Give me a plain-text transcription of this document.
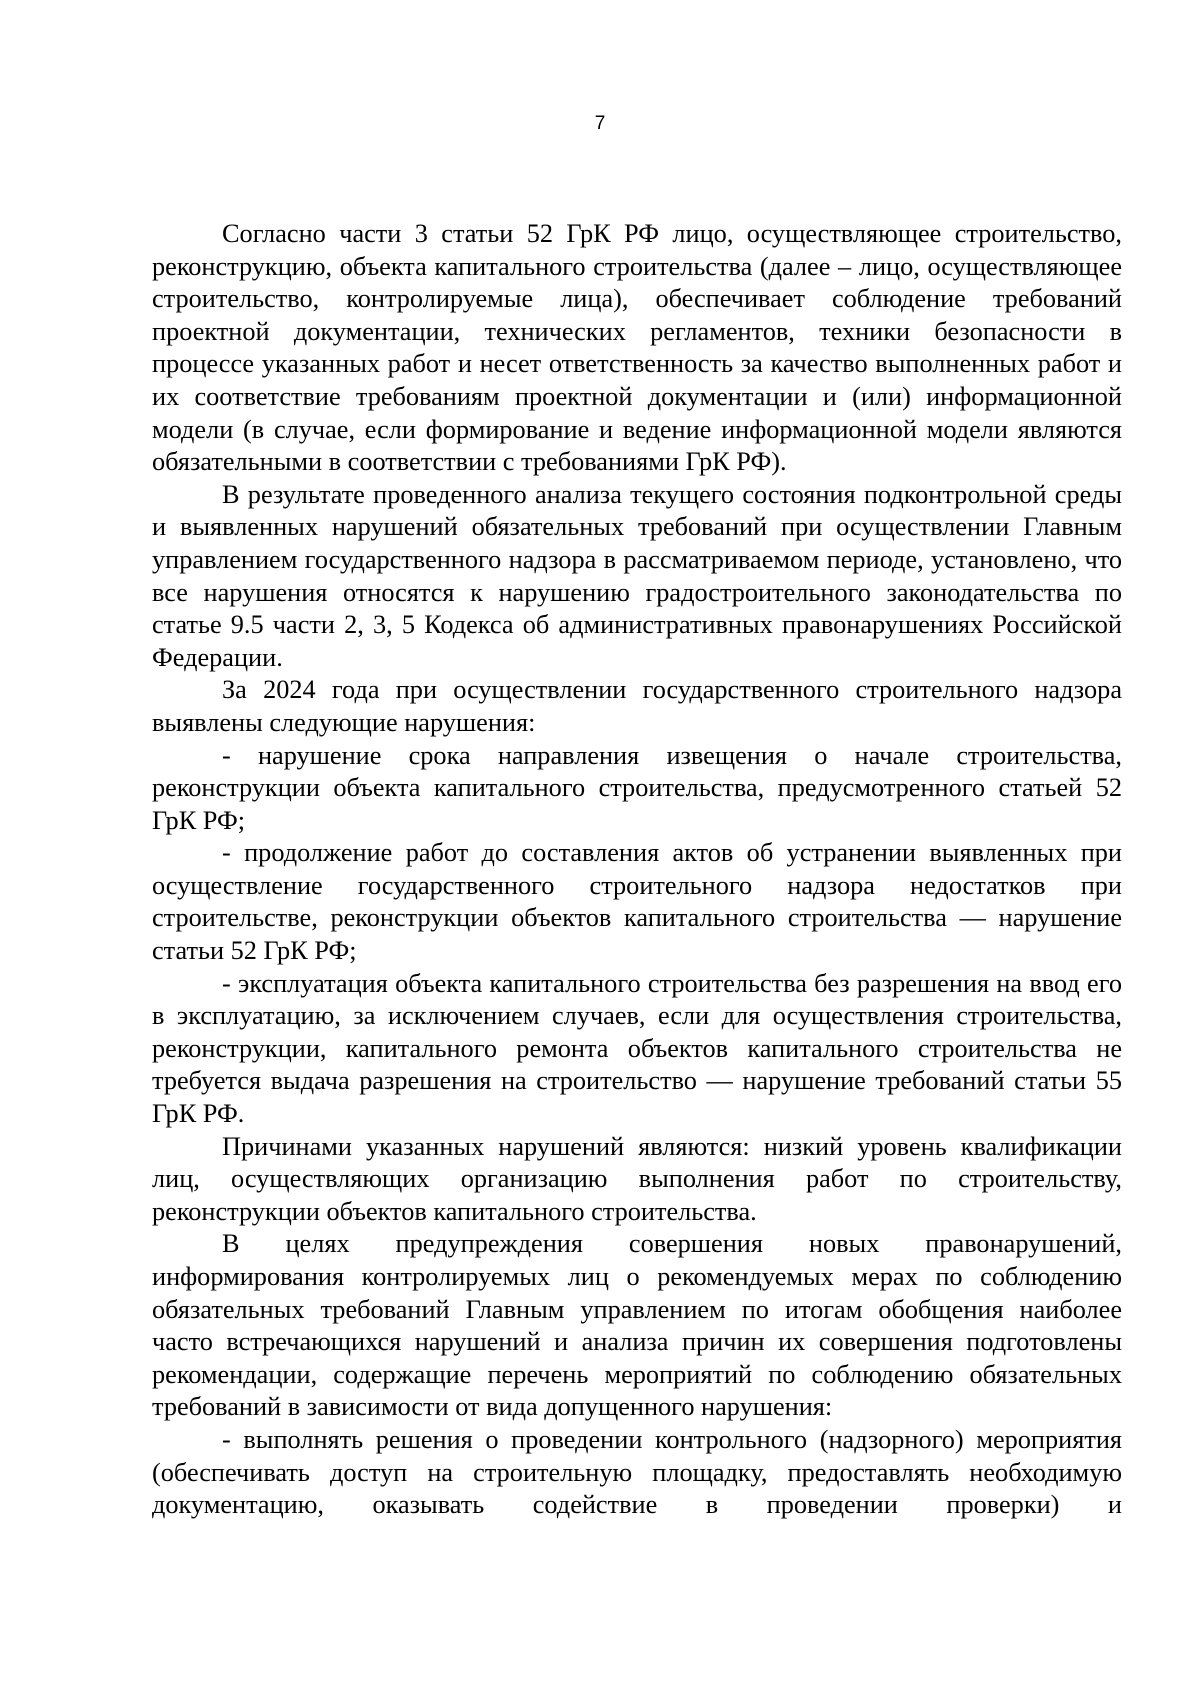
7

Согласно части 3 статьи 52 ГрК РФ лицо, осуществляющее строительство, реконструкцию, объекта капитального строительства (далее – лицо, осуществляющее строительство, контролируемые лица), обеспечивает соблюдение требований проектной документации, технических регламентов, техники безопасности в процессе указанных работ и несет ответственность за качество выполненных работ и их соответствие требованиям проектной документации и (или) информационной модели (в случае, если формирование и ведение информационной модели являются обязательными в соответствии с требованиями ГрК РФ).

В результате проведенного анализа текущего состояния подконтрольной среды и выявленных нарушений обязательных требований при осуществлении Главным управлением государственного надзора в рассматриваемом периоде, установлено, что все нарушения относятся к нарушению градостроительного законодательства по статье 9.5 части 2, 3, 5 Кодекса об административных правонарушениях Российской Федерации.

За 2024 года при осуществлении государственного строительного надзора выявлены следующие нарушения:

- нарушение срока направления извещения о начале строительства, реконструкции объекта капитального строительства, предусмотренного статьей 52 ГрК РФ;

- продолжение работ до составления актов об устранении выявленных при осуществление государственного строительного надзора недостатков при строительстве, реконструкции объектов капитального строительства — нарушение статьи 52 ГрК РФ;

- эксплуатация объекта капитального строительства без разрешения на ввод его в эксплуатацию, за исключением случаев, если для осуществления строительства, реконструкции, капитального ремонта объектов капитального строительства не требуется выдача разрешения на строительство — нарушение требований статьи 55 ГрК РФ.

Причинами указанных нарушений являются: низкий уровень квалификации лиц, осуществляющих организацию выполнения работ по строительству, реконструкции объектов капитального строительства.

В целях предупреждения совершения новых правонарушений, информирования контролируемых лиц о рекомендуемых мерах по соблюдению обязательных требований Главным управлением по итогам обобщения наиболее часто встречающихся нарушений и анализа причин их совершения подготовлены рекомендации, содержащие перечень мероприятий по соблюдению обязательных требований в зависимости от вида допущенного нарушения:

- выполнять решения о проведении контрольного (надзорного) мероприятия (обеспечивать доступ на строительную площадку, предоставлять необходимую документацию, оказывать содействие в проведении проверки) и
